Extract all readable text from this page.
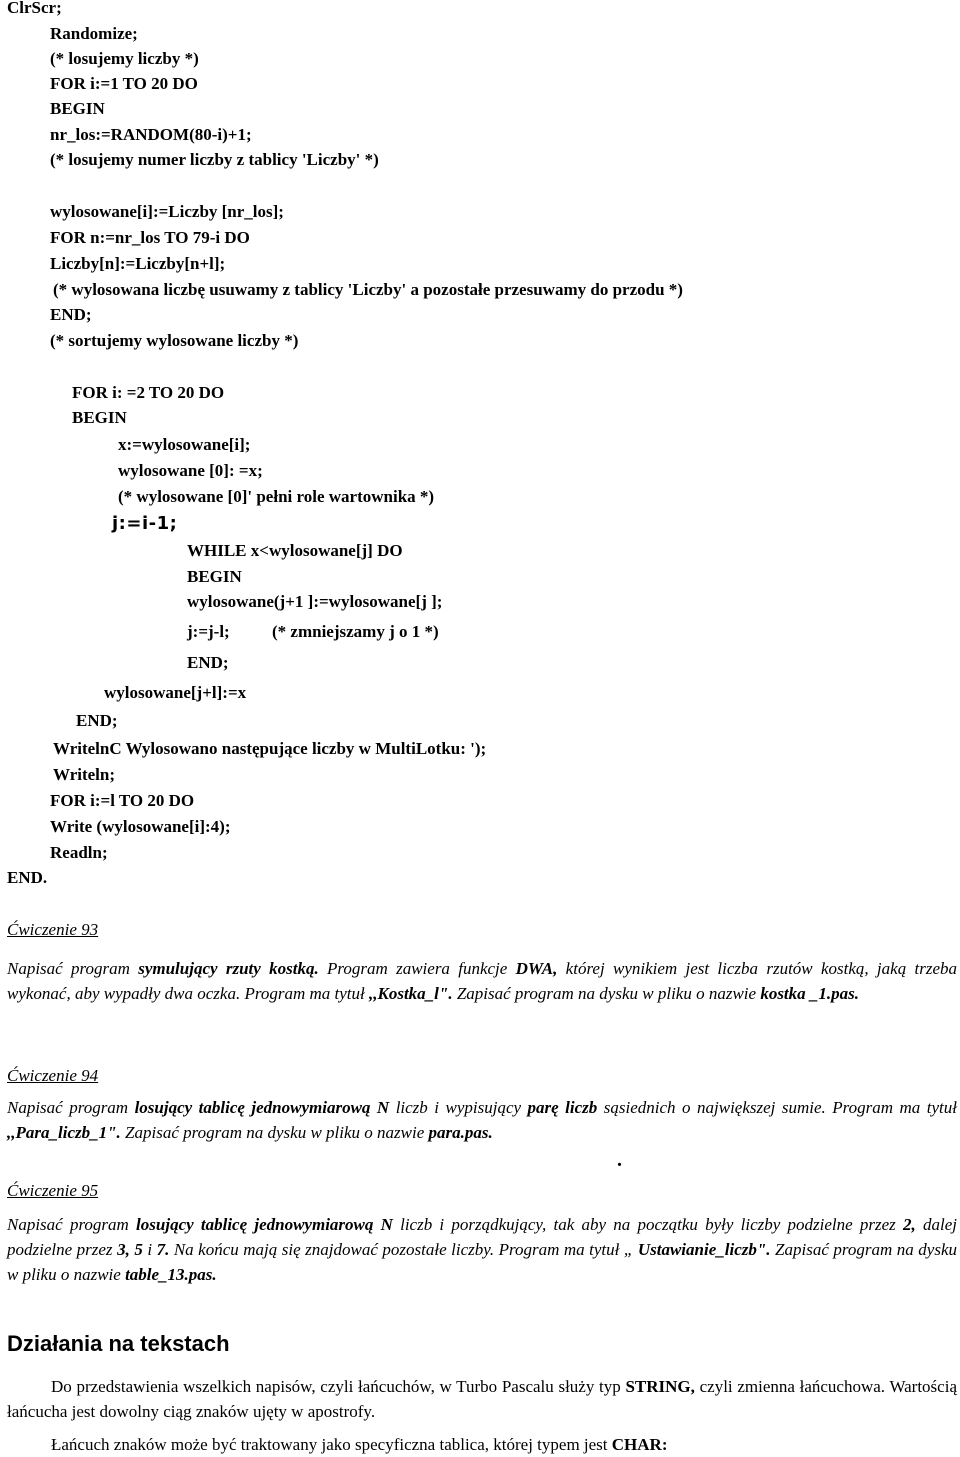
ClrScr;
Randomize;
(* losujemy liczby *)
FOR i:=1 TO 20 DO
BEGIN
nr_los:=RANDOM(80-i)+1;
(* losujemy numer liczby z tablicy 'Liczby' *)
wylosowane[i]:=Liczby [nr_los];
FOR n:=nr_los TO 79-i DO
Liczby[n]:=Liczby[n+l];
(* wylosowana liczbę usuwamy z tablicy 'Liczby' a pozostałe przesuwamy do przodu *)
END;
(* sortujemy wylosowane liczby *)
FOR i: =2 TO 20 DO
BEGIN
x:=wylosowane[i];
wylosowane [0]: =x;
(* wylosowane [0]' pełni role wartownika *)
j:=i-1;
WHILE x<wylosowane[j] DO
BEGIN
wylosowane(j+1 ]:=wylosowane[j ];
j:=j-l; (* zmniejszamy j o 1 *)
END;
wylosowane[j+l]:=x
END;
WritelnC Wylosowano następujące liczby w MultiLotku: ');
Writeln;
FOR i:=l TO 20 DO
Write (wylosowane[i]:4);
Readln;
END.
Ćwiczenie 93
Napisać program symulujący rzuty kostką. Program zawiera funkcje DWA, której wynikiem jest liczba rzutów kostką, jaką trzeba wykonać, aby wypadły dwa oczka. Program ma tytuł ,,Kostka_l". Zapisać program na dysku w pliku o nazwie kostka _1.pas.
Ćwiczenie 94
Napisać program losujący tablicę jednowymiarową N liczb i wypisujący parę liczb sąsiednich o największej sumie. Program ma tytuł ,,Para_liczb_1". Zapisać program na dysku w pliku o nazwie para.pas.
.
Ćwiczenie 95
Napisać program losujący tablicę jednowymiarową N liczb i porządkujący, tak aby na początku były liczby podzielne przez 2, dalej podzielne przez 3, 5 i 7. Na końcu mają się znajdować pozostałe liczby. Program ma tytuł „ Ustawianie_liczb". Zapisać program na dysku w pliku o nazwie table_13.pas.
Działania na tekstach
Do przedstawienia wszelkich napisów, czyli łańcuchów, w Turbo Pascalu służy typ STRING, czyli zmienna łańcuchowa. Wartością łańcucha jest dowolny ciąg znaków ujęty w apostrofy.
Łańcuch znaków może być traktowany jako specyficzna tablica, której typem jest CHAR:
